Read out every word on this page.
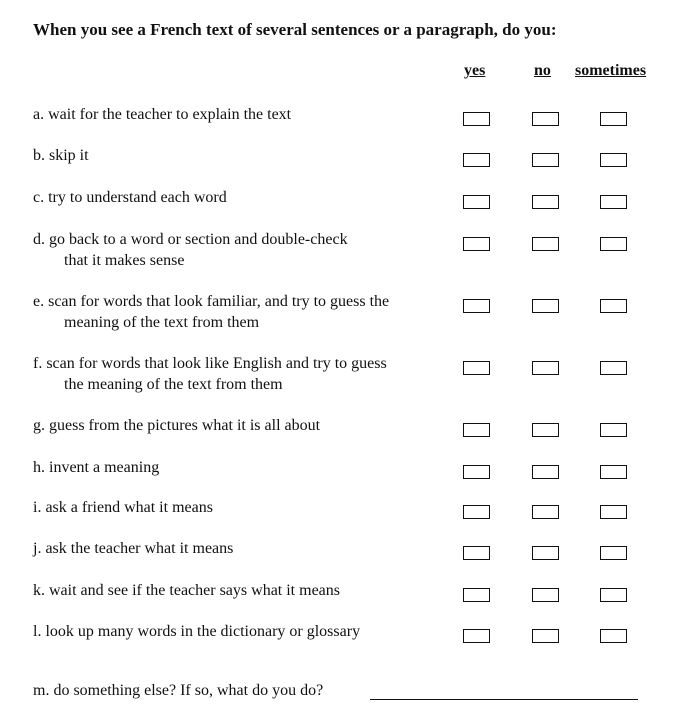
When you see a French text of several sentences or a paragraph, do you:
yes	no sometimes
a. wait for the teacher to explain the text
b. skip it
c. try to understand each word
d. go back to a word or section and double-check
that it makes sense
e. scan for words that look familiar, and try to guess the
meaning of the text from them
f. scan for words that look like English and try to guess
the meaning of the text from them
g. guess from the pictures what it is all about
h. invent a meaning
i. ask a friend what it means
j. ask the teacher what it means
k. wait and see if the teacher says what it means
l. look up many words in the dictionary or glossary
m. do something else? If so, what do you do?
